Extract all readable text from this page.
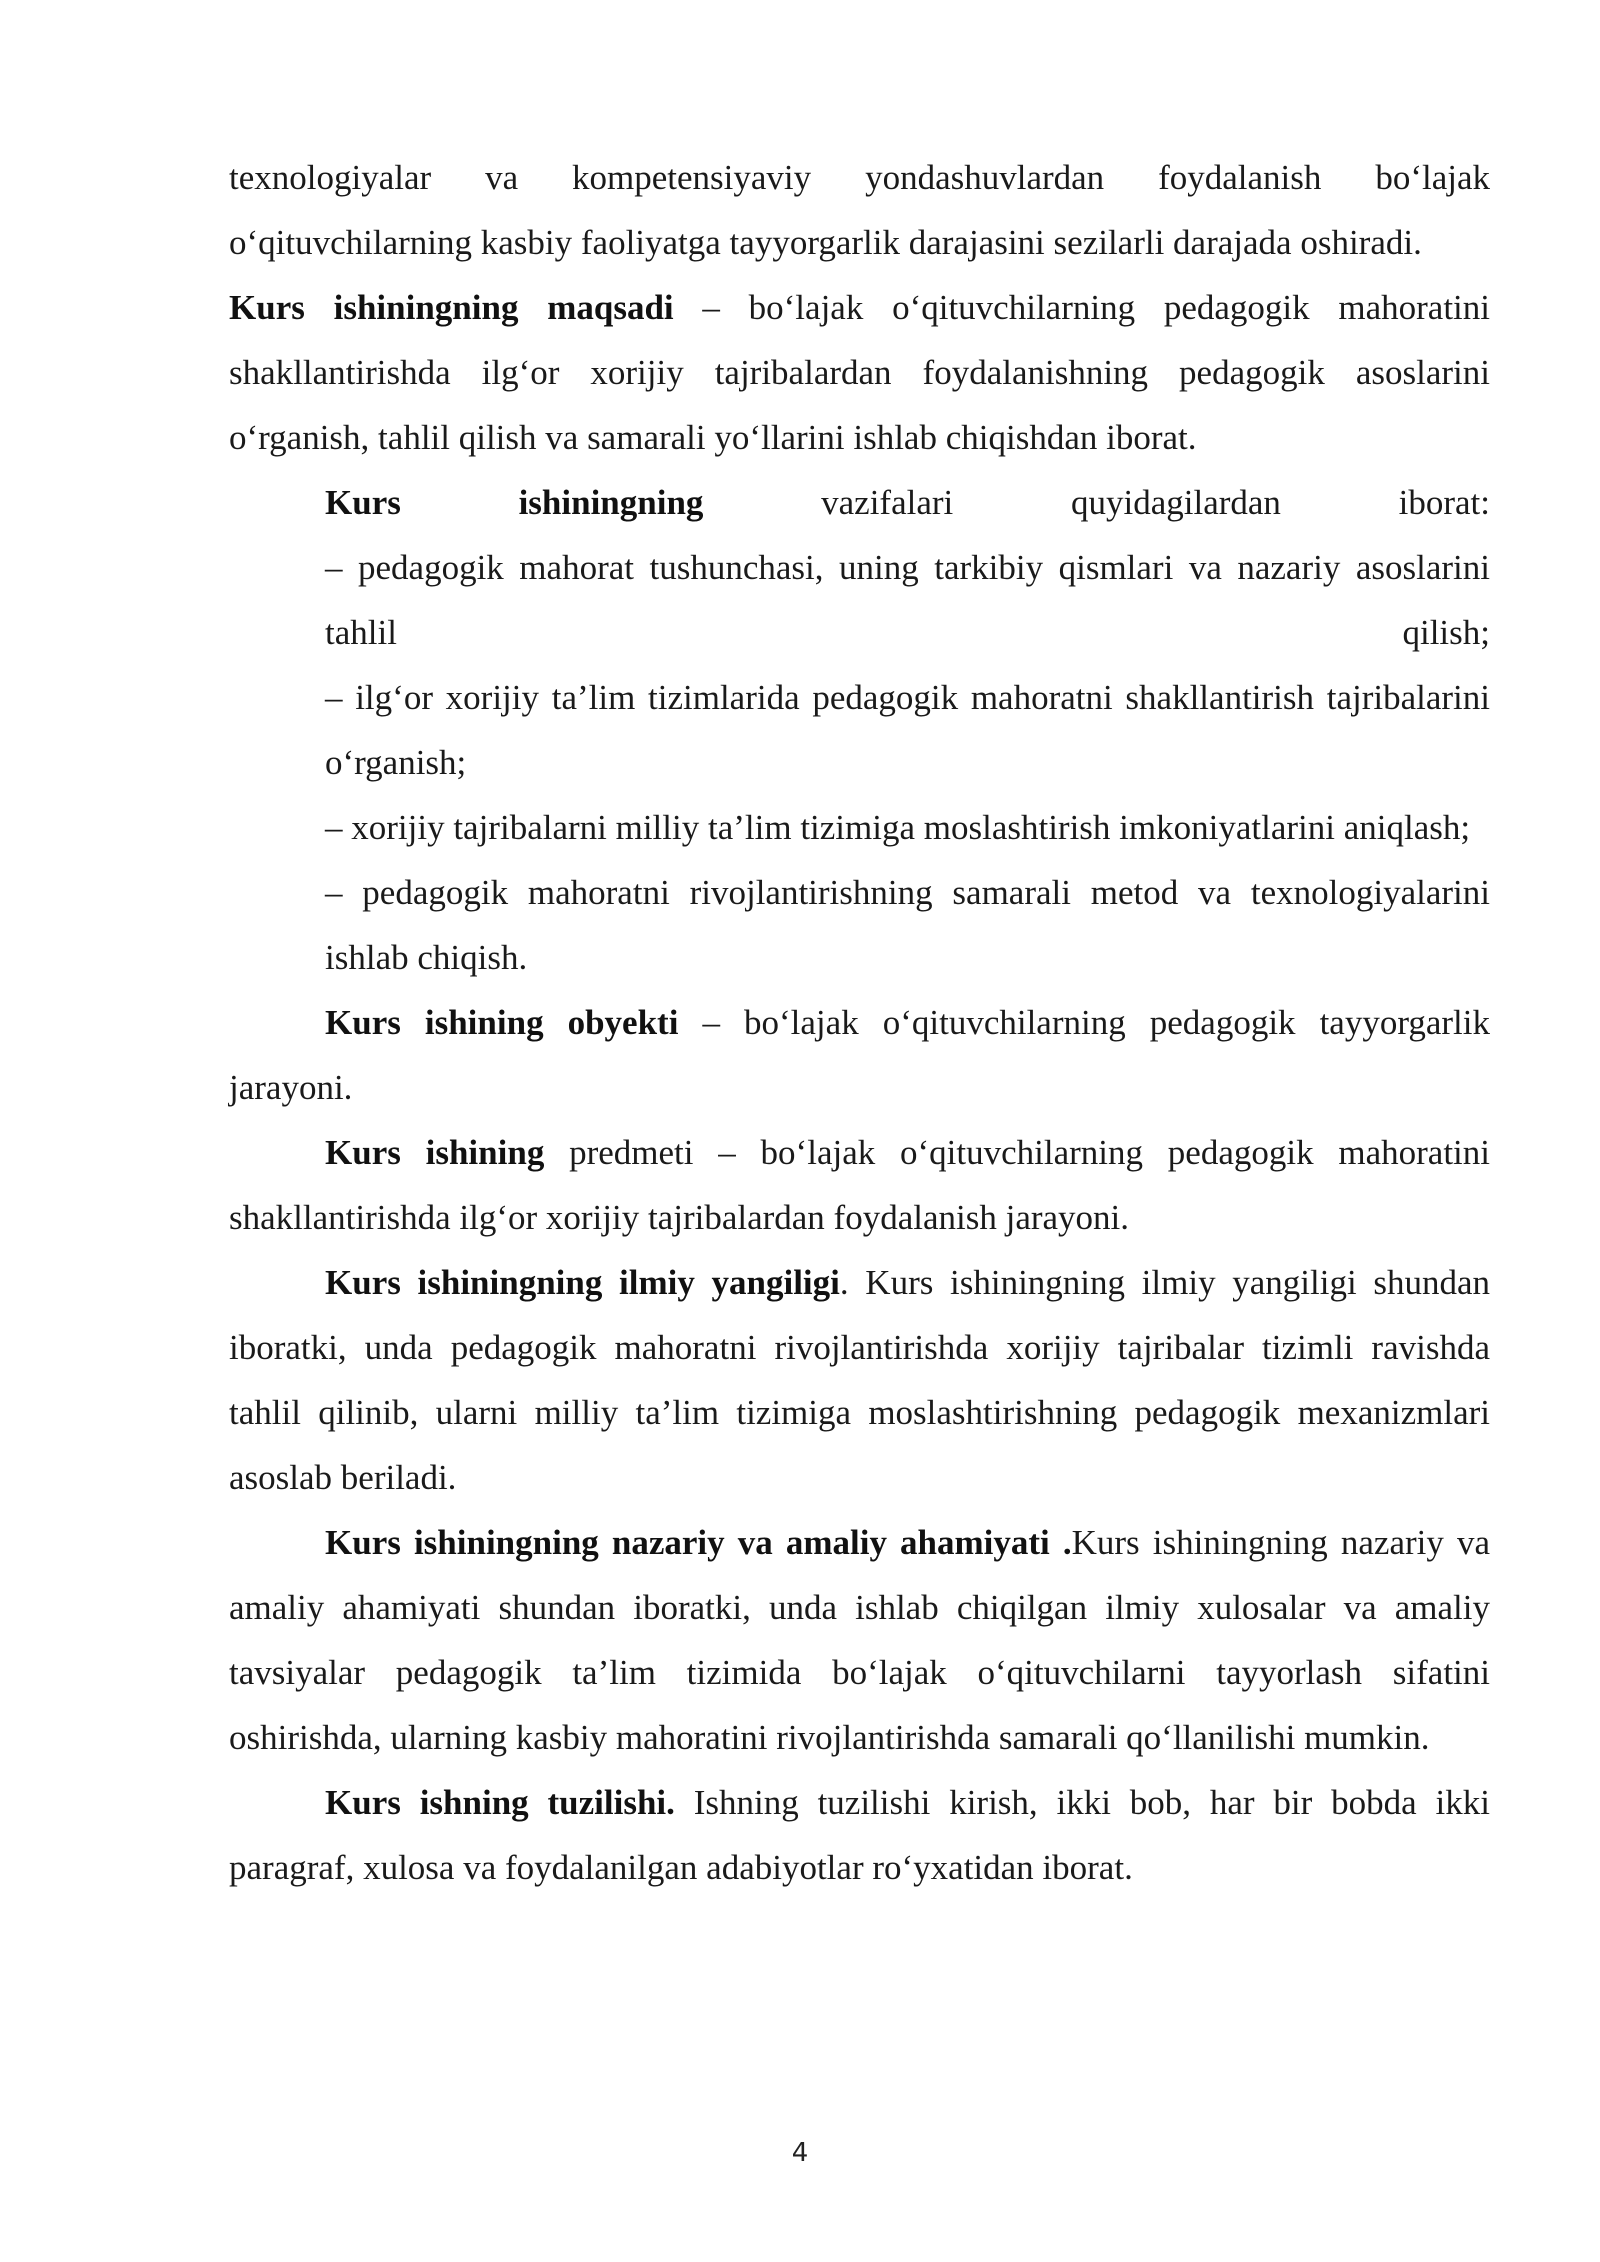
texnologiyalar va kompetensiyaviy yondashuvlardan foydalanish bo‘lajak o‘qituvchilarning kasbiy faoliyatga tayyorgarlik darajasini sezilarli darajada oshiradi.

Kurs ishiningning maqsadi – bo‘lajak o‘qituvchilarning pedagogik mahoratini shakllantirishda ilg‘or xorijiy tajribalardan foydalanishning pedagogik asoslarini o‘rganish, tahlil qilish va samarali yo‘llarini ishlab chiqishdan iborat.

Kurs ishiningning vazifalari quyidagilardan iborat:

– pedagogik mahorat tushunchasi, uning tarkibiy qismlari va nazariy asoslarini tahlil qilish;

– ilg‘or xorijiy ta’lim tizimlarida pedagogik mahoratni shakllantirish tajribalarini o‘rganish;

– xorijiy tajribalarni milliy ta’lim tizimiga moslashtirish imkoniyatlarini aniqlash;

– pedagogik mahoratni rivojlantirishning samarali metod va texnologiyalarini ishlab chiqish.

Kurs ishining obyekti – bo‘lajak o‘qituvchilarning pedagogik tayyorgarlik jarayoni.

Kurs ishining predmeti – bo‘lajak o‘qituvchilarning pedagogik mahoratini shakllantirishda ilg‘or xorijiy tajribalardan foydalanish jarayoni.

Kurs ishiningning ilmiy yangiligi. Kurs ishiningning ilmiy yangiligi shundan iboratki, unda pedagogik mahoratni rivojlantirishda xorijiy tajribalar tizimli ravishda tahlil qilinib, ularni milliy ta’lim tizimiga moslashtirishning pedagogik mexanizmlari asoslab beriladi.

Kurs ishiningning nazariy va amaliy ahamiyati .Kurs ishiningning nazariy va amaliy ahamiyati shundan iboratki, unda ishlab chiqilgan ilmiy xulosalar va amaliy tavsiyalar pedagogik ta’lim tizimida bo‘lajak o‘qituvchilarni tayyorlash sifatini oshirishda, ularning kasbiy mahoratini rivojlantirishda samarali qo‘llanilishi mumkin.

Kurs ishning tuzilishi. Ishning tuzilishi kirish, ikki bob, har bir bobda ikki paragraf, xulosa va foydalanilgan adabiyotlar ro‘yxatidan iborat.

4
